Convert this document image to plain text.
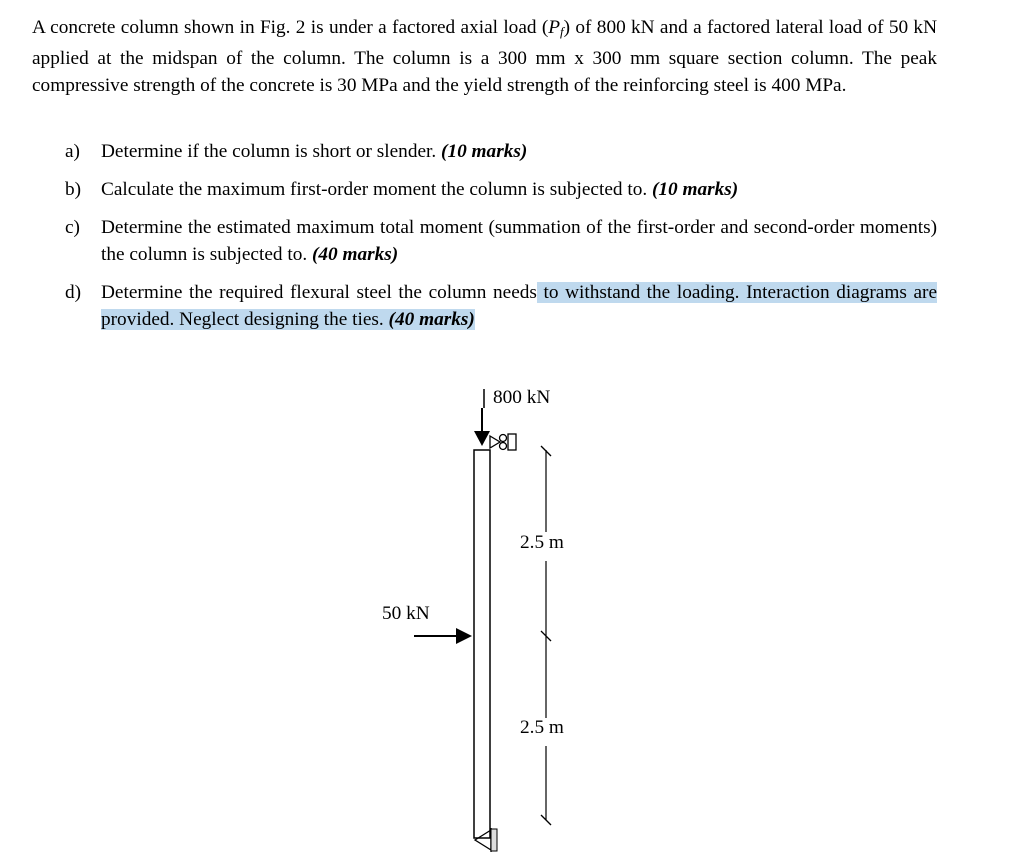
A concrete column shown in Fig. 2 is under a factored axial load $(P_f)$ of 800 kN and a factored lateral load of 50 kN applied at the midspan of the column. The column is a 300 mm x 300 mm square section column. The peak compressive strength of the concrete is 30 MPa and the yield strength of the reinforcing steel is 400 MPa.

a) Determine if the column is short or slender. (10 marks)
b) Calculate the maximum first-order moment the column is subjected to. (10 marks)
c) Determine the estimated maximum total moment (summation of the first-order and second-order moments) the column is subjected to. (40 marks)
d) Determine the required flexural steel the column needs to withstand the loading. Interaction diagrams are provided. Neglect designing the ties. (40 marks)
800 kN
50 kN
2.5 m
2.5 m
